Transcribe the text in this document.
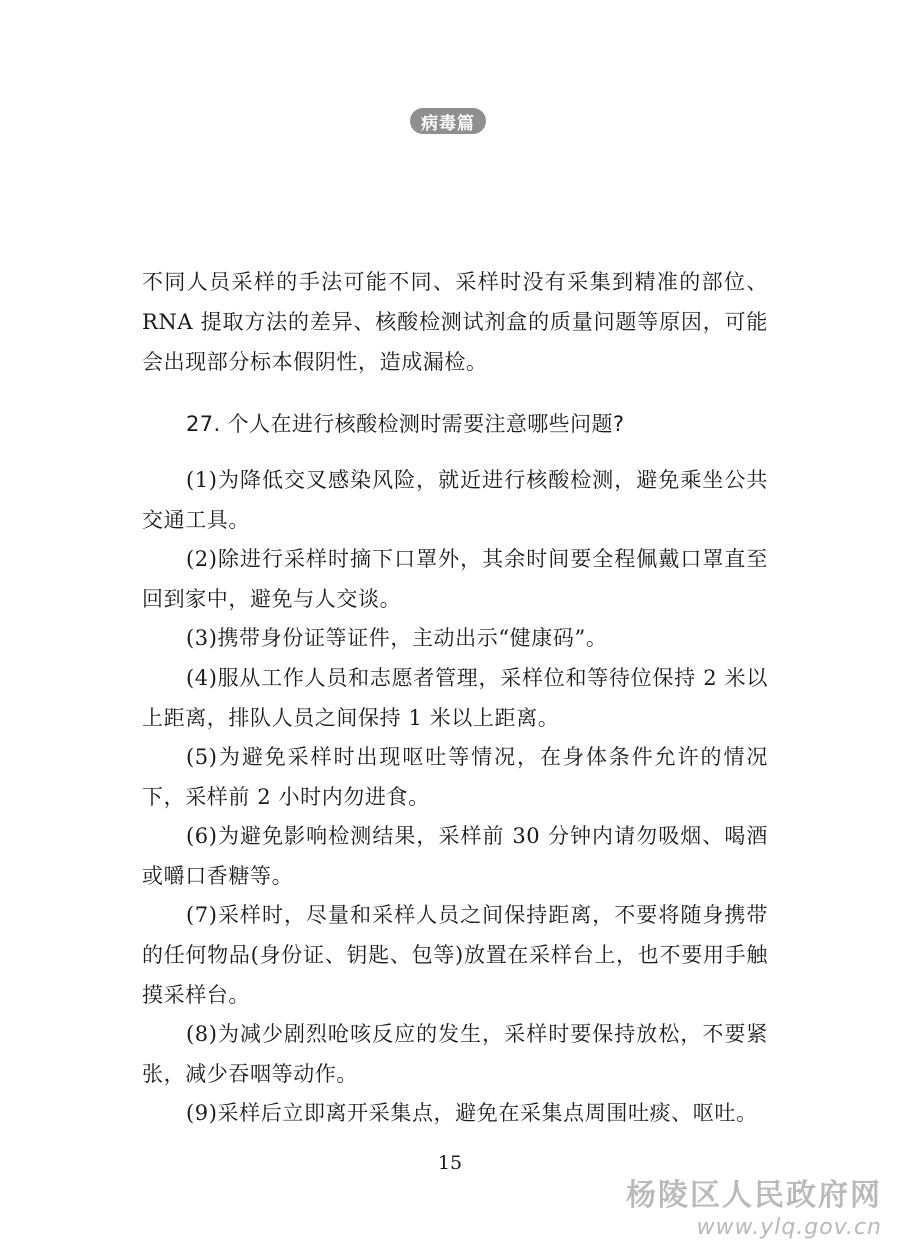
病毒篇

不同人员采样的手法可能不同、采样时没有采集到精准的部位、RNA 提取方法的差异、核酸检测试剂盒的质量问题等原因，可能会出现部分标本假阴性，造成漏检。

27. 个人在进行核酸检测时需要注意哪些问题?

(1)为降低交叉感染风险，就近进行核酸检测，避免乘坐公共交通工具。

(2)除进行采样时摘下口罩外，其余时间要全程佩戴口罩直至回到家中，避免与人交谈。

(3)携带身份证等证件，主动出示“健康码”。

(4)服从工作人员和志愿者管理，采样位和等待位保持 2 米以上距离，排队人员之间保持 1 米以上距离。

(5)为避免采样时出现呕吐等情况，在身体条件允许的情况下，采样前 2 小时内勿进食。

(6)为避免影响检测结果，采样前 30 分钟内请勿吸烟、喝酒或嚼口香糖等。

(7)采样时，尽量和采样人员之间保持距离，不要将随身携带的任何物品(身份证、钥匙、包等)放置在采样台上，也不要用手触摸采样台。

(8)为减少剧烈呛咳反应的发生，采样时要保持放松，不要紧张，减少吞咽等动作。

(9)采样后立即离开采集点，避免在采集点周围吐痰、呕吐。

15
杨陵区人民政府网
www.ylq.gov.cn
